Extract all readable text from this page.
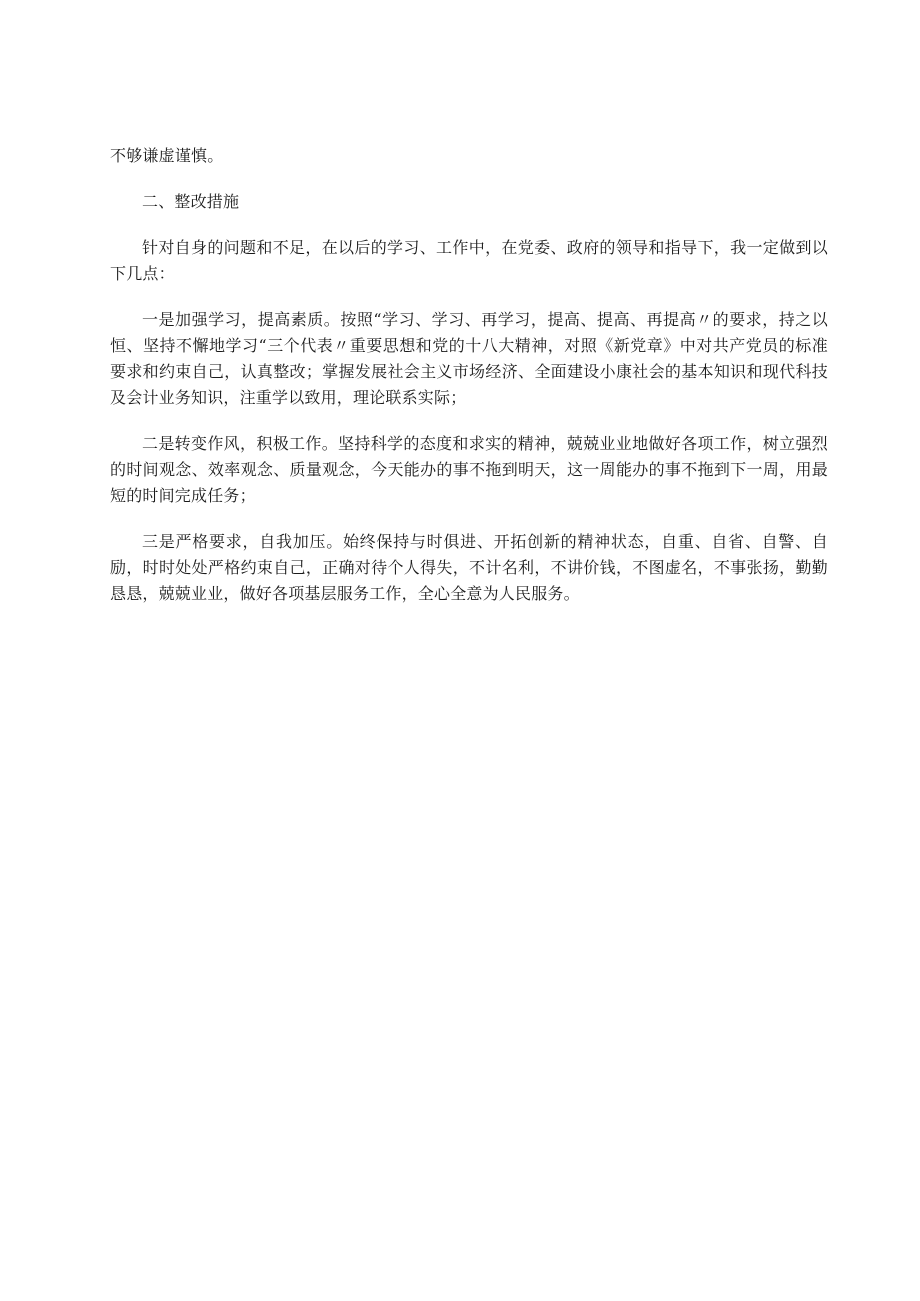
不够谦虚谨慎。

二、整改措施

针对自身的问题和不足，在以后的学习、工作中，在党委、政府的领导和指导下，我一定做到以下几点：

一是加强学习，提高素质。按照“学习、学习、再学习，提高、提高、再提高〃的要求，持之以恒、坚持不懈地学习“三个代表〃重要思想和党的十八大精神，对照《新党章》中对共产党员的标准要求和约束自己，认真整改；掌握发展社会主义市场经济、全面建设小康社会的基本知识和现代科技及会计业务知识，注重学以致用，理论联系实际；

二是转变作风，积极工作。坚持科学的态度和求实的精神，兢兢业业地做好各项工作，树立强烈的时间观念、效率观念、质量观念，今天能办的事不拖到明天，这一周能办的事不拖到下一周，用最短的时间完成任务；

三是严格要求，自我加压。始终保持与时俱进、开拓创新的精神状态，自重、自省、自警、自励，时时处处严格约束自己，正确对待个人得失，不计名利，不讲价钱，不图虚名，不事张扬，勤勤恳恳，兢兢业业，做好各项基层服务工作，全心全意为人民服务。
